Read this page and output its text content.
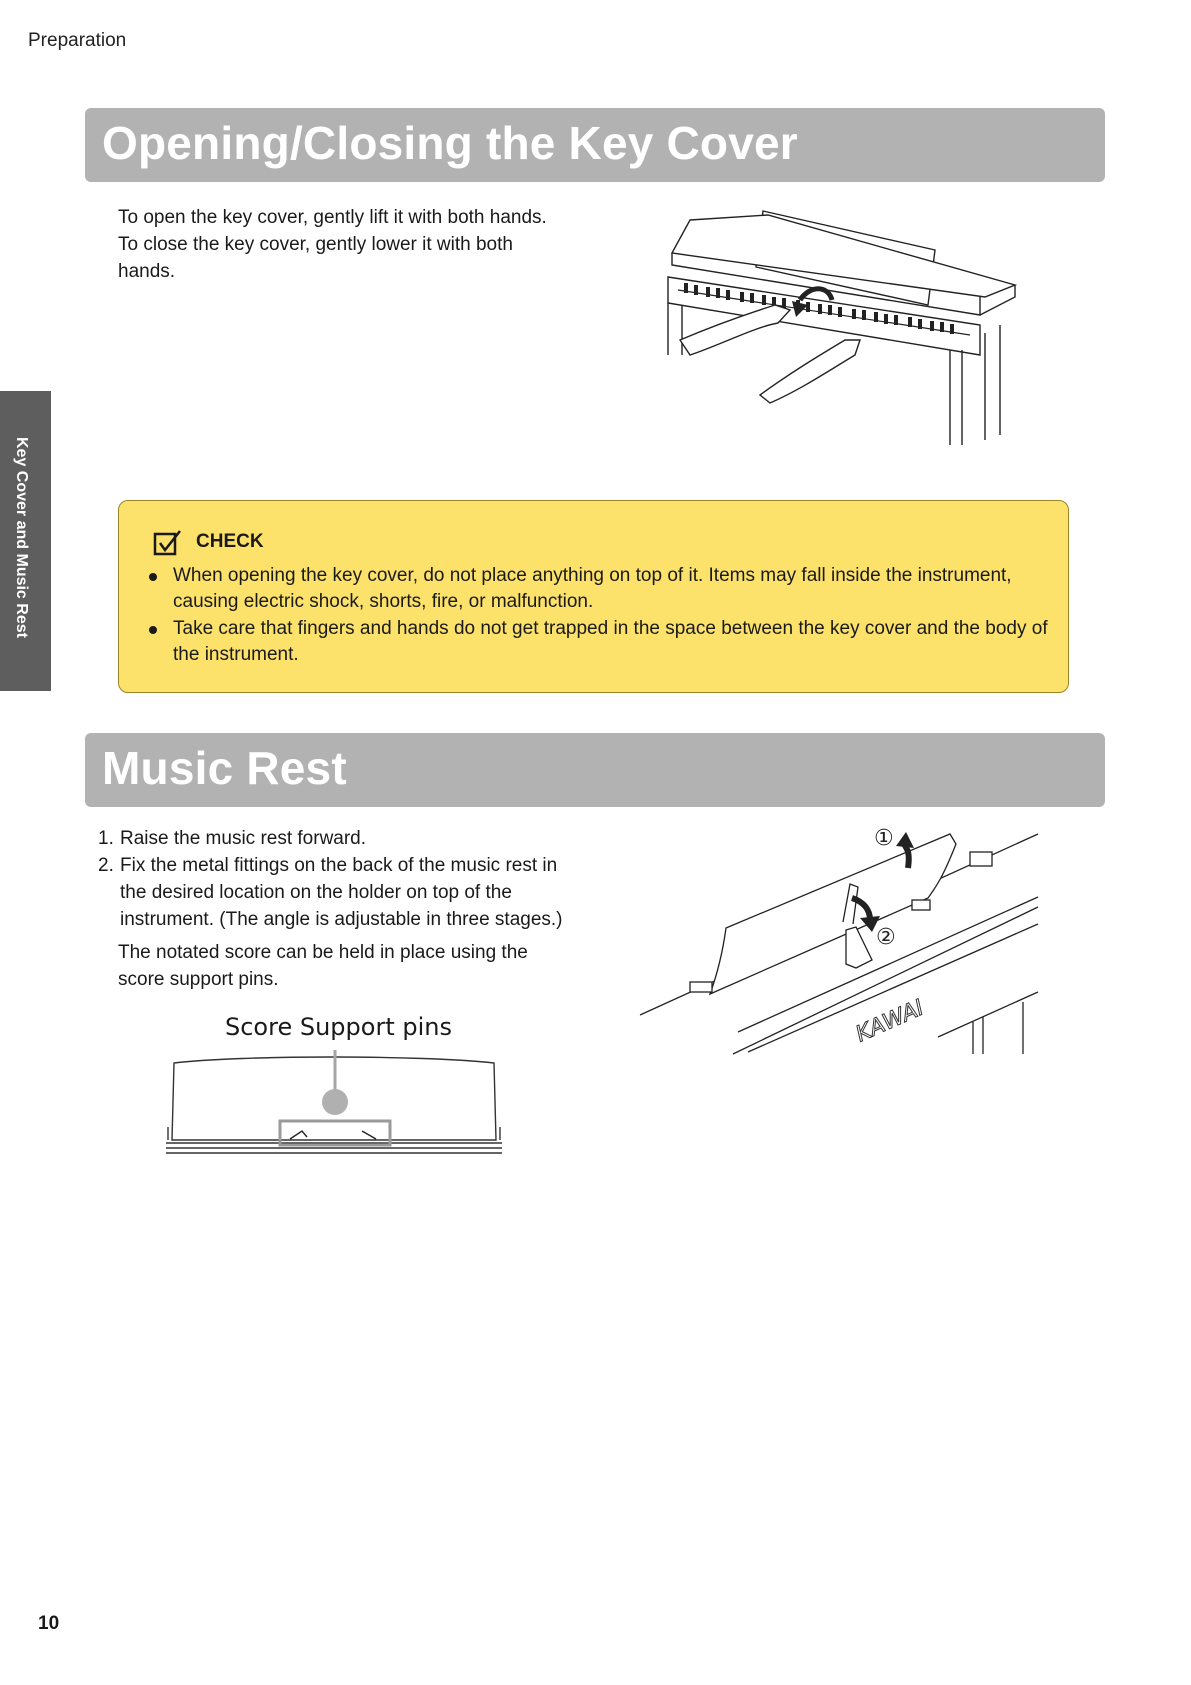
Preparation
Key Cover and Music Rest
Opening/Closing the Key Cover

To open the key cover, gently lift it with both hands.

To close the key cover, gently lower it with both

hands.

CHECK
When opening the key cover, do not place anything on top of it. Items may fall inside the instrument,
causing electric shock, shorts, fire, or malfunction.
Take care that fingers and hands do not get trapped in the space between the key cover and the body of
the instrument.
Music Rest
1. Raise the music rest forward.
2. Fix the metal fittings on the back of the music rest in
the desired location on the holder on top of the
instrument. (The angle is adjustable in three stages.)

The notated score can be held in place using the

score support pins.

Score Support pins
①
②
KAWAI
10
